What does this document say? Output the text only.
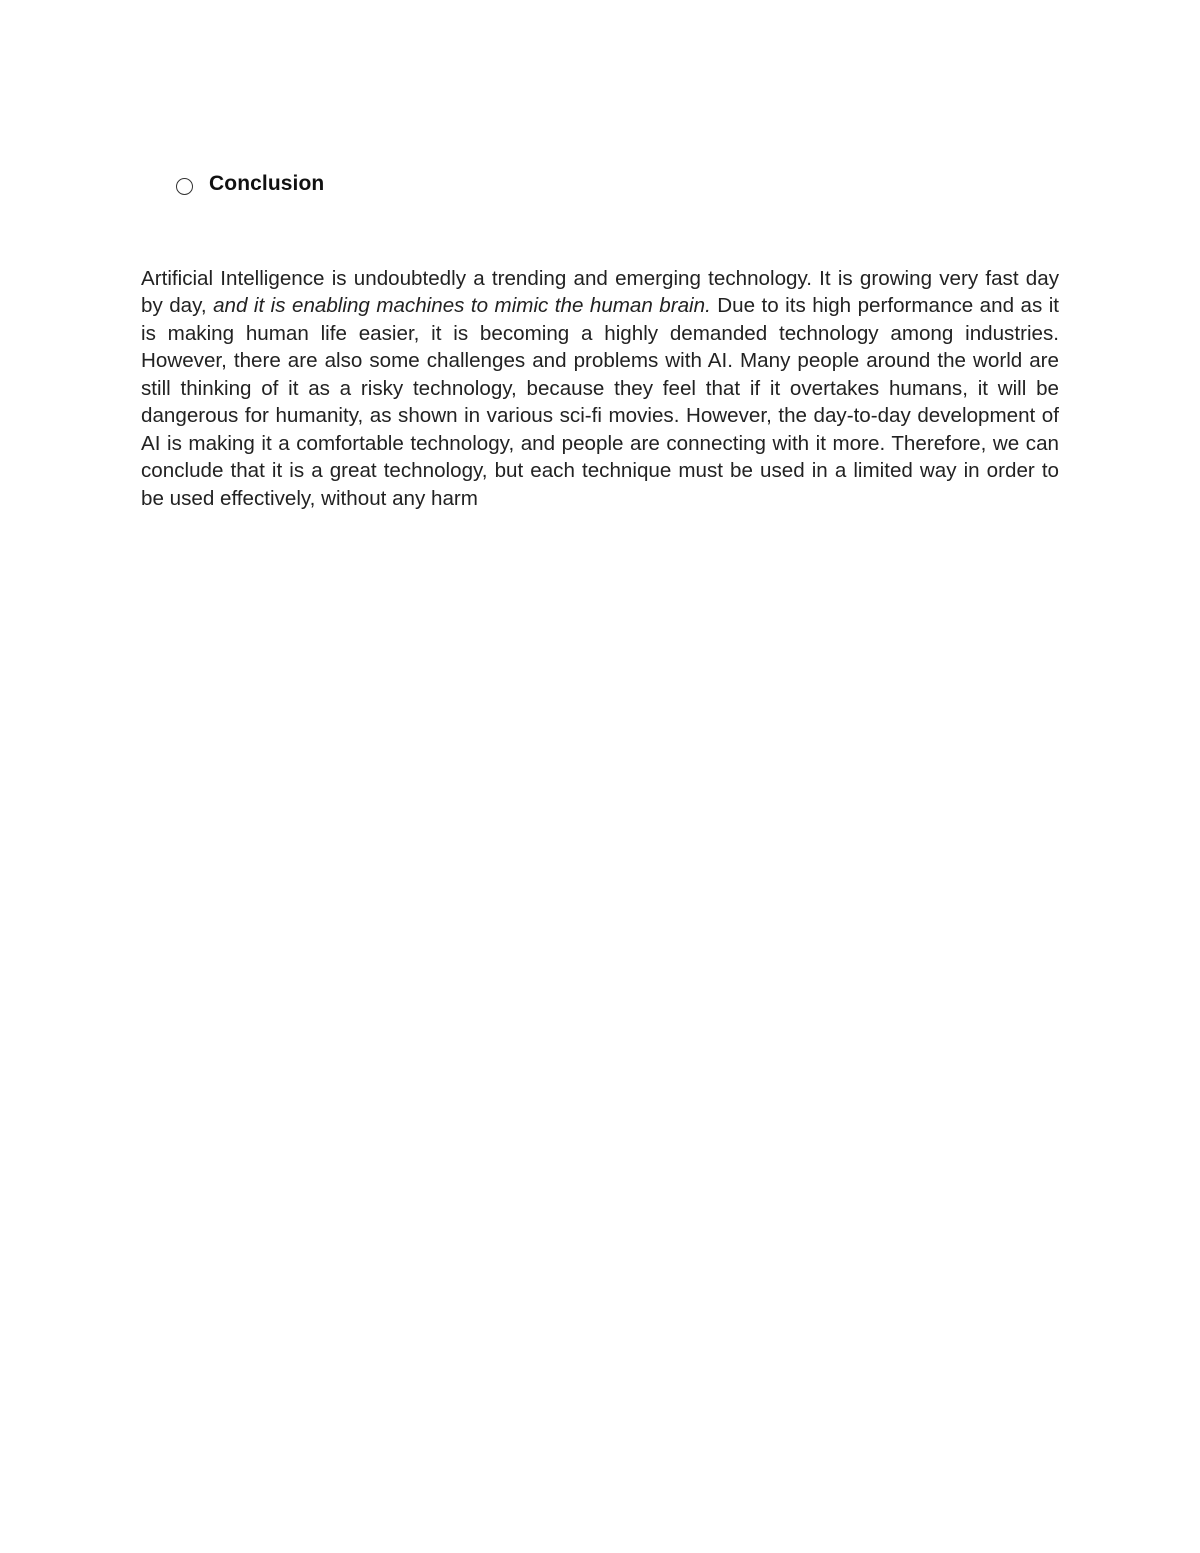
Conclusion

Artificial Intelligence is undoubtedly a trending and emerging technology. It is growing very fast day by day, and it is enabling machines to mimic the human brain. Due to its high performance and as it is making human life easier, it is becoming a highly demanded technology among industries. However, there are also some challenges and problems with AI. Many people around the world are still thinking of it as a risky technology, because they feel that if it overtakes humans, it will be dangerous for humanity, as shown in various sci-fi movies. However, the day-to-day development of AI is making it a comfortable technology, and people are connecting with it more. Therefore, we can conclude that it is a great technology, but each technique must be used in a limited way in order to be used effectively, without any harm
